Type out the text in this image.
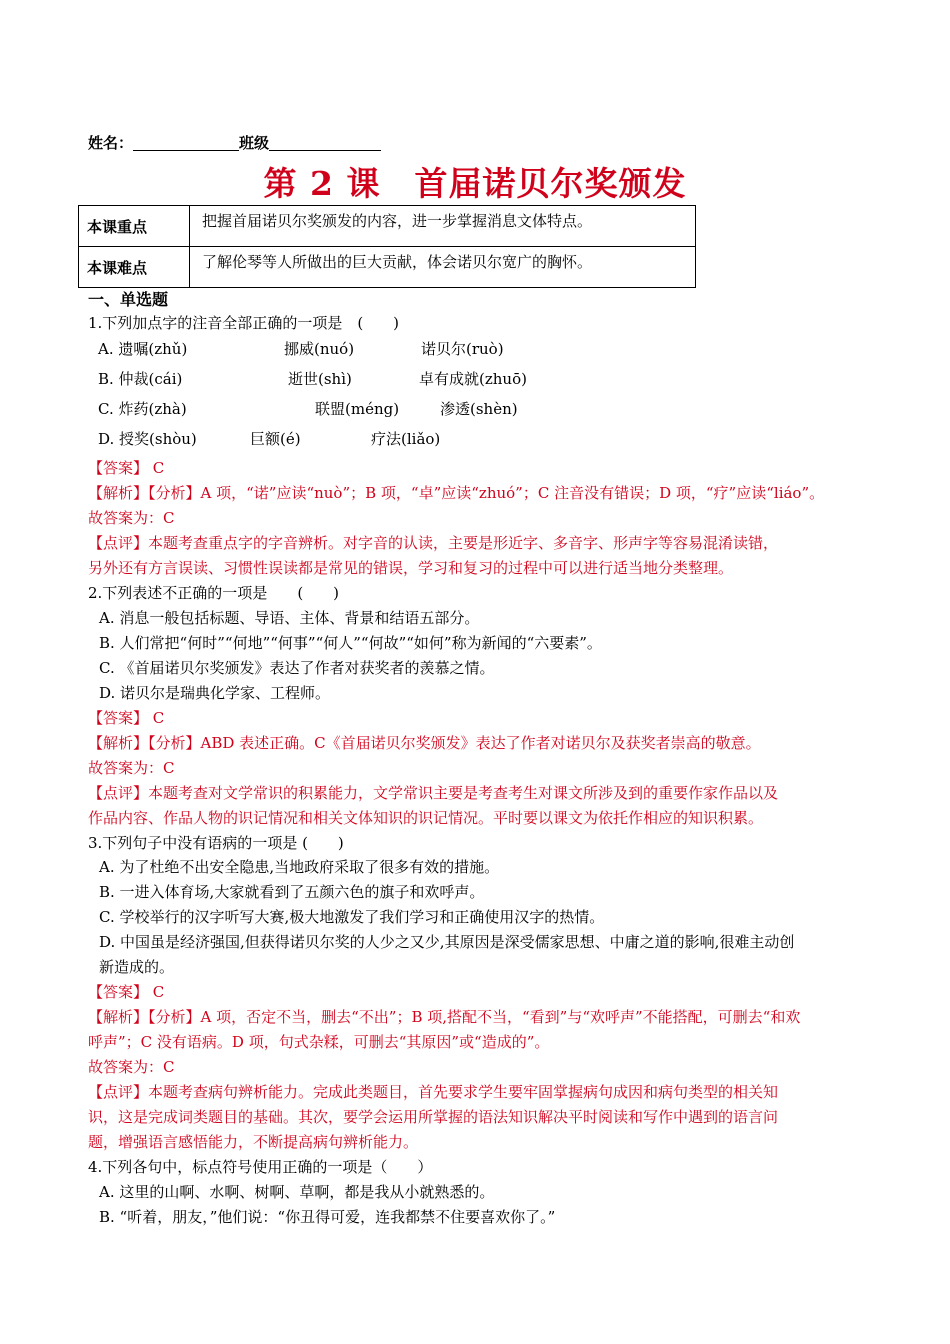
姓名：	班级
第 2 课　首届诺贝尔奖颁发
本课重点	把握首届诺贝尔奖颁发的内容，进一步掌握消息文体特点。
本课难点	了解伦琴等人所做出的巨大贡献，体会诺贝尔宽广的胸怀。
一、单选题
1.下列加点字的注音全部正确的一项是　(　　)
A. 遗嘱(zhǔ)	挪威(nuó)	诺贝尔(ruò)
B. 仲裁(cái)	逝世(shì)	卓有成就(zhuō)
C. 炸药(zhà)	联盟(méng)	渗透(shèn)
D. 授奖(shòu)	巨额(é)	疗法(liǎo)
【答案】 C
【解析】【分析】A 项，“诺”应读“nuò”；B 项，“卓”应读“zhuó”；C 注音没有错误；D 项，“疗”应读“liáo”。
故答案为：C
【点评】本题考查重点字的字音辨析。对字音的认读，主要是形近字、多音字、形声字等容易混淆读错，
另外还有方言误读、习惯性误读都是常见的错误，学习和复习的过程中可以进行适当地分类整理。
2.下列表述不正确的一项是　　(　　)
A. 消息一般包括标题、导语、主体、背景和结语五部分。
B. 人们常把“何时”“何地”“何事”“何人”“何故”“如何”称为新闻的“六要素”。
C. 《首届诺贝尔奖颁发》表达了作者对获奖者的羡慕之情。
D. 诺贝尔是瑞典化学家、工程师。
【答案】 C
【解析】【分析】ABD 表述正确。C《首届诺贝尔奖颁发》表达了作者对诺贝尔及获奖者崇高的敬意。
故答案为：C
【点评】本题考查对文学常识的积累能力，文学常识主要是考查考生对课文所涉及到的重要作家作品以及
作品内容、作品人物的识记情况和相关文体知识的识记情况。平时要以课文为依托作相应的知识积累。
3.下列句子中没有语病的一项是 (　　)
A. 为了杜绝不出安全隐患,当地政府采取了很多有效的措施。
B. 一进入体育场,大家就看到了五颜六色的旗子和欢呼声。
C. 学校举行的汉字听写大赛,极大地激发了我们学习和正确使用汉字的热情。
D. 中国虽是经济强国,但获得诺贝尔奖的人少之又少,其原因是深受儒家思想、中庸之道的影响,很难主动创
新造成的。
【答案】 C
【解析】【分析】A 项，否定不当，删去“不出”；B 项,搭配不当，“看到”与“欢呼声”不能搭配，可删去“和欢
呼声”；C 没有语病。D 项，句式杂糅，可删去“其原因”或“造成的”。
故答案为：C
【点评】本题考查病句辨析能力。完成此类题目，首先要求学生要牢固掌握病句成因和病句类型的相关知
识，这是完成词类题目的基础。其次，要学会运用所掌握的语法知识解决平时阅读和写作中遇到的语言问
题，增强语言感悟能力，不断提高病句辨析能力。
4.下列各句中，标点符号使用正确的一项是（　　）
A. 这里的山啊、水啊、树啊、草啊，都是我从小就熟悉的。
B. “听着，朋友，”他们说：“你丑得可爱，连我都禁不住要喜欢你了。”
